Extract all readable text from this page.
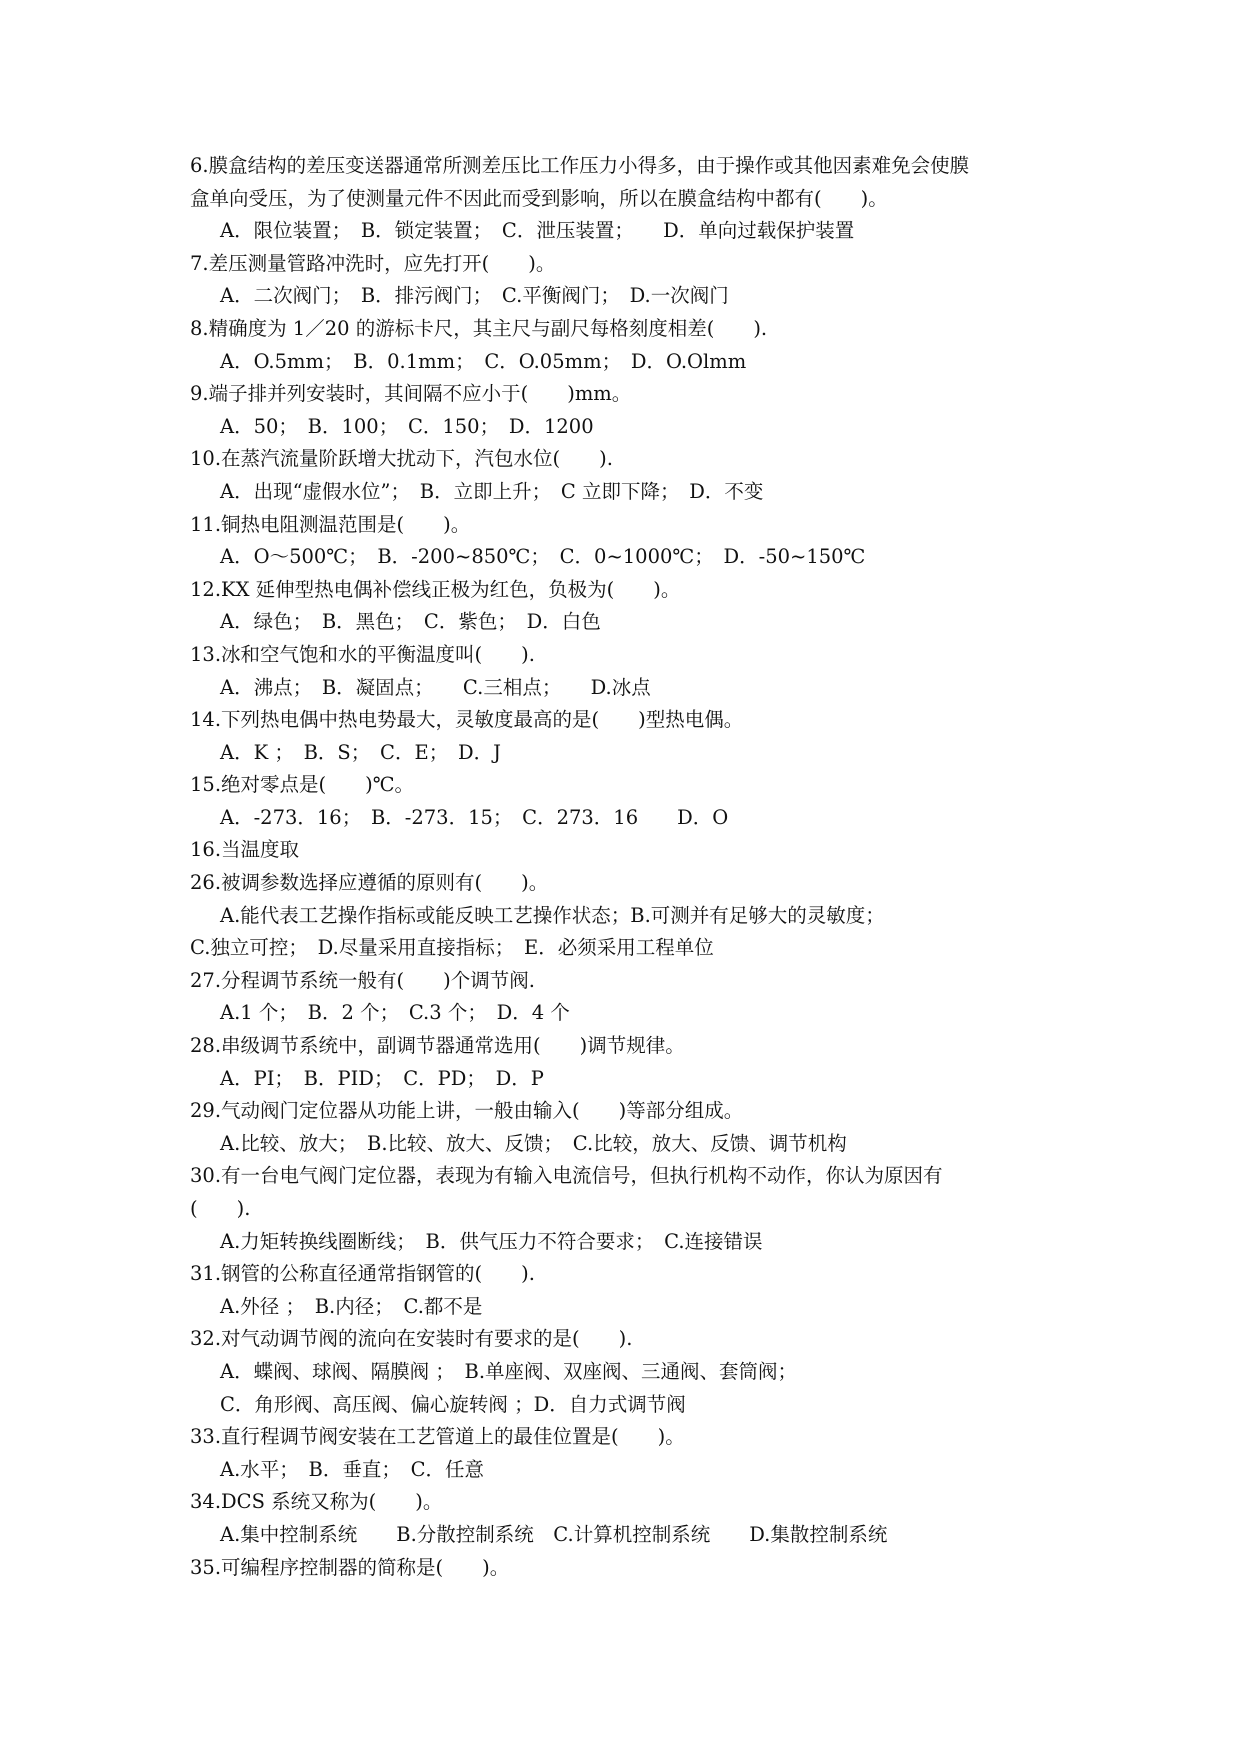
6.膜盒结构的差压变送器通常所测差压比工作压力小得多，由于操作或其他因素难免会使膜
盒单向受压，为了使测量元件不因此而受到影响，所以在膜盒结构中都有(　　)。
A．限位装置；　B．锁定装置；　C．泄压装置；　　D．单向过载保护装置
7.差压测量管路冲洗时，应先打开(　　)。
A．二次阀门；　B．排污阀门；　C.平衡阀门；　D.一次阀门
8.精确度为 1／20 的游标卡尺，其主尺与副尺每格刻度相差(　　).
A．O.5mm；　B．0.1mm；　C．O.05mm；　D．O.Olmm
9.端子排并列安装时，其间隔不应小于(　　)mm。
A．50；　B．100；　C．150；　D．1200
10.在蒸汽流量阶跃增大扰动下，汽包水位(　　).
A．出现“虚假水位”；　B．立即上升；　C 立即下降；　D．不变
11.铜热电阻测温范围是(　　)。
A．O～500℃；　B．-200~850℃；　C．0~1000℃；　D．-50~150℃
12.KX 延伸型热电偶补偿线正极为红色，负极为(　　)。
A．绿色；　B．黑色；　C．紫色；　D．白色
13.冰和空气饱和水的平衡温度叫(　　).
A．沸点；　B．凝固点；　　C.三相点；　　D.冰点
14.下列热电偶中热电势最大，灵敏度最高的是(　　)型热电偶。
A．K ；　B．S；　C．E；　D．J
15.绝对零点是(　　)℃。
A．-273．16；　B．-273．15；　C．273．16　　D．O
16.当温度取
26.被调参数选择应遵循的原则有(　　)。
A.能代表工艺操作指标或能反映工艺操作状态；B.可测并有足够大的灵敏度；
C.独立可控；　D.尽量采用直接指标；　E．必须采用工程单位
27.分程调节系统一般有(　　)个调节阀.
A.1 个；　B．2 个；　C.3 个；　D．4 个
28.串级调节系统中，副调节器通常选用(　　)调节规律。
A．PI；　B．PID；　C．PD；　D．P
29.气动阀门定位器从功能上讲，一般由输入(　　)等部分组成。
A.比较、放大；　B.比较、放大、反馈；　C.比较，放大、反馈、调节机构
30.有一台电气阀门定位器，表现为有输入电流信号，但执行机构不动作，你认为原因有
(　　).
A.力矩转换线圈断线；　B．供气压力不符合要求；　C.连接错误
31.钢管的公称直径通常指钢管的(　　).
A.外径 ；　B.内径；　C.都不是
32.对气动调节阀的流向在安装时有要求的是(　　).
A．蝶阀、球阀、隔膜阀 ；　B.单座阀、双座阀、三通阀、套筒阀；
C．角形阀、高压阀、偏心旋转阀 ；D．自力式调节阀
33.直行程调节阀安装在工艺管道上的最佳位置是(　　)。
A.水平；　B．垂直；　C．任意
34.DCS 系统又称为(　　)。
A.集中控制系统　　B.分散控制系统　C.计算机控制系统　　D.集散控制系统
35.可编程序控制器的简称是(　　)。
